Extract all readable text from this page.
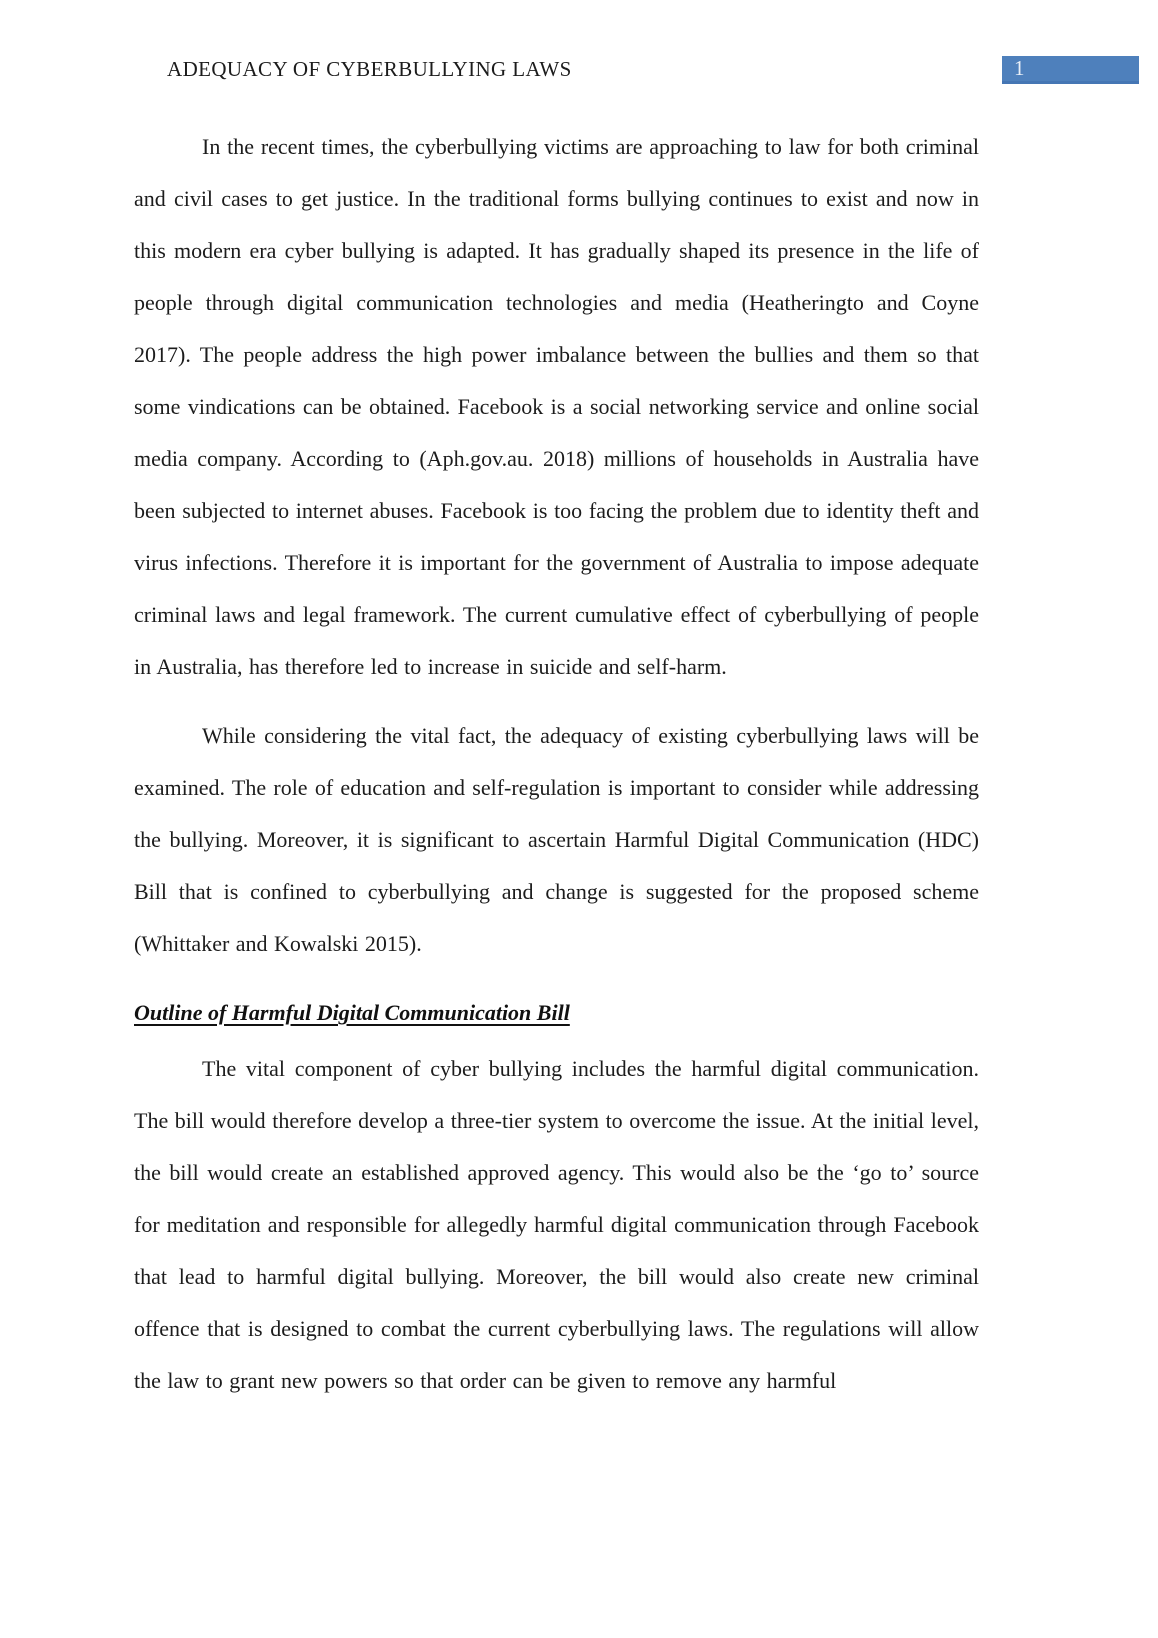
ADEQUACY OF CYBERBULLYING LAWS	1

In the recent times, the cyberbullying victims are approaching to law for both criminal and civil cases to get justice. In the traditional forms bullying continues to exist and now in this modern era cyber bullying is adapted. It has gradually shaped its presence in the life of people through digital communication technologies and media (Heatheringto and Coyne 2017). The people address the high power imbalance between the bullies and them so that some vindications can be obtained. Facebook is a social networking service and online social media company. According to (Aph.gov.au. 2018) millions of households in Australia have been subjected to internet abuses. Facebook is too facing the problem due to identity theft and virus infections. Therefore it is important for the government of Australia to impose adequate criminal laws and legal framework. The current cumulative effect of cyberbullying of people in Australia, has therefore led to increase in suicide and self-harm.

While considering the vital fact, the adequacy of existing cyberbullying laws will be examined. The role of education and self-regulation is important to consider while addressing the bullying. Moreover, it is significant to ascertain Harmful Digital Communication (HDC) Bill that is confined to cyberbullying and change is suggested for the proposed scheme (Whittaker and Kowalski 2015).

Outline of Harmful Digital Communication Bill

The vital component of cyber bullying includes the harmful digital communication. The bill would therefore develop a three-tier system to overcome the issue. At the initial level, the bill would create an established approved agency. This would also be the ‘go to’ source for meditation and responsible for allegedly harmful digital communication through Facebook that lead to harmful digital bullying. Moreover, the bill would also create new criminal offence that is designed to combat the current cyberbullying laws. The regulations will allow the law to grant new powers so that order can be given to remove any harmful
